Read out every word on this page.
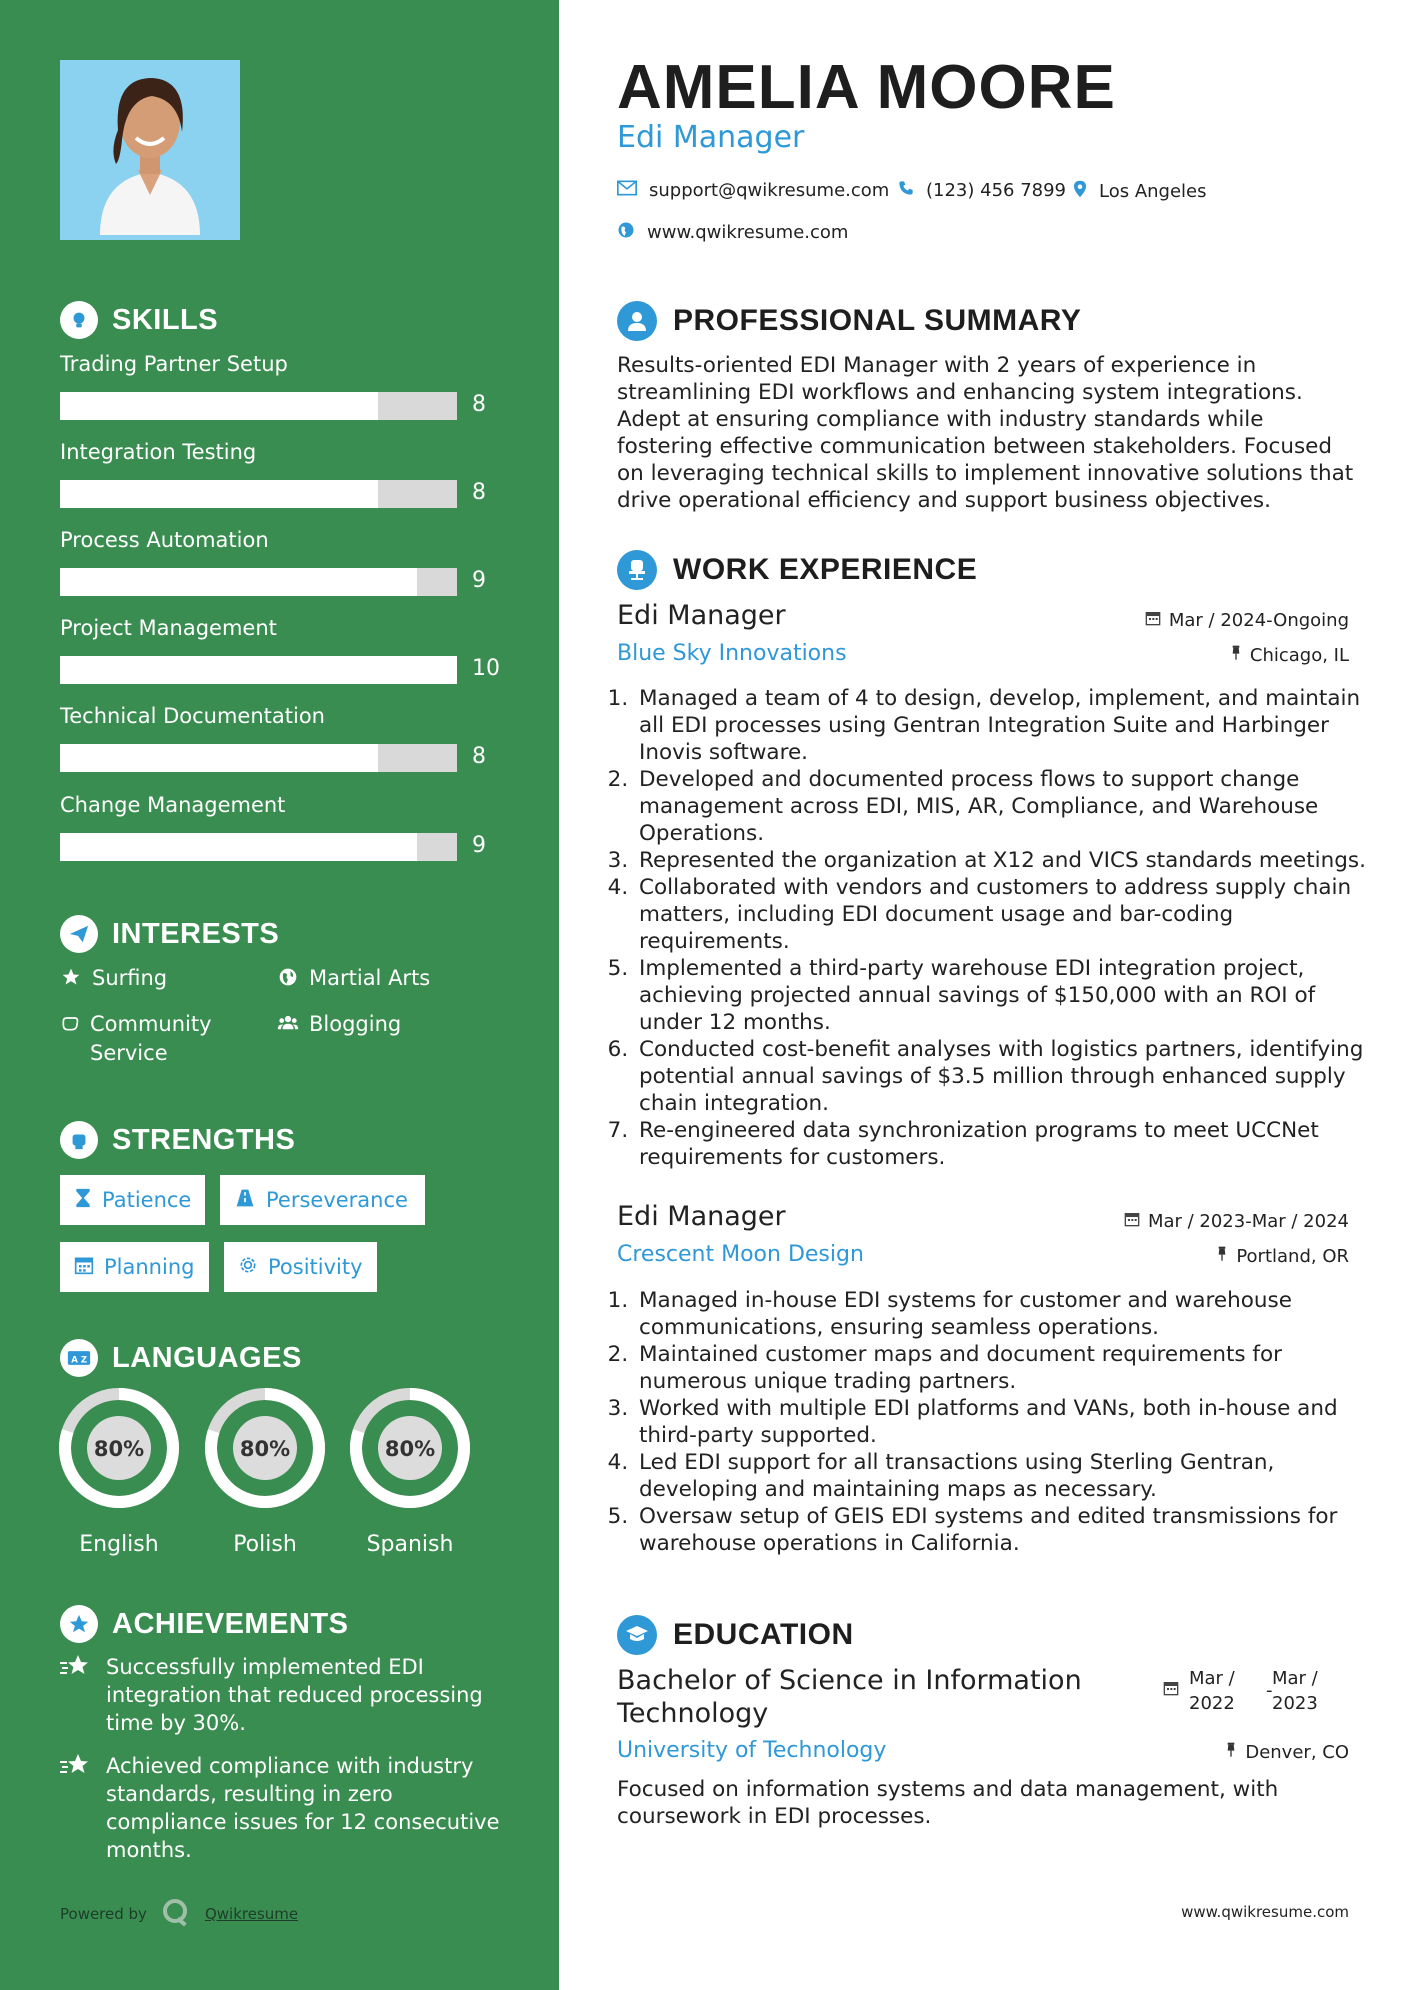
SKILLS
Trading Partner Setup
8
Integration Testing
8
Process Automation
9
Project Management
10
Technical Documentation
8
Change Management
9
INTERESTS
Surfing	Martial Arts
Community Service
Blogging
STRENGTHS
Patience	Perseverance
Planning	Positivity
A Z LANGUAGES
80%
English
80%
Polish
80%
Spanish
ACHIEVEMENTS
Successfully implemented EDI integration that reduced processing time by 30%.
Achieved compliance with industry standards, resulting in zero compliance issues for 12 consecutive months.
Powered by	Qwikresume
AMELIA MOORE
Edi Manager
support@qwikresume.com (123) 456 7899 Los Angeles
www.qwikresume.com
PROFESSIONAL SUMMARY
Results-oriented EDI Manager with 2 years of experience in streamlining EDI workflows and enhancing system integrations. Adept at ensuring compliance with industry standards while fostering effective communication between stakeholders. Focused on leveraging technical skills to implement innovative solutions that drive operational efficiency and support business objectives.
WORK EXPERIENCE
Edi Manager	Mar / 2024-Ongoing
Blue Sky Innovations	Chicago, IL
1. Managed a team of 4 to design, develop, implement, and maintain all EDI processes using Gentran Integration Suite and Harbinger Inovis software.
2. Developed and documented process flows to support change management across EDI, MIS, AR, Compliance, and Warehouse Operations.
3. Represented the organization at X12 and VICS standards meetings.
4. Collaborated with vendors and customers to address supply chain matters, including EDI document usage and bar-coding requirements.
5. Implemented a third-party warehouse EDI integration project, achieving projected annual savings of $150,000 with an ROI of under 12 months.
6. Conducted cost-benefit analyses with logistics partners, identifying potential annual savings of $3.5 million through enhanced supply chain integration.
7. Re-engineered data synchronization programs to meet UCCNet requirements for customers.
Edi Manager	Mar / 2023-Mar / 2024
Crescent Moon Design	Portland, OR
1. Managed in-house EDI systems for customer and warehouse communications, ensuring seamless operations.
2. Maintained customer maps and document requirements for numerous unique trading partners.
3. Worked with multiple EDI platforms and VANs, both in-house and third-party supported.
4. Led EDI support for all transactions using Sterling Gentran, developing and maintaining maps as necessary.
5. Oversaw setup of GEIS EDI systems and edited transmissions for warehouse operations in California.
EDUCATION
Bachelor of Science in Information Technology
Mar / 2022
-
Mar / 2023
University of Technology	Denver, CO
Focused on information systems and data management, with coursework in EDI processes.
www.qwikresume.com
